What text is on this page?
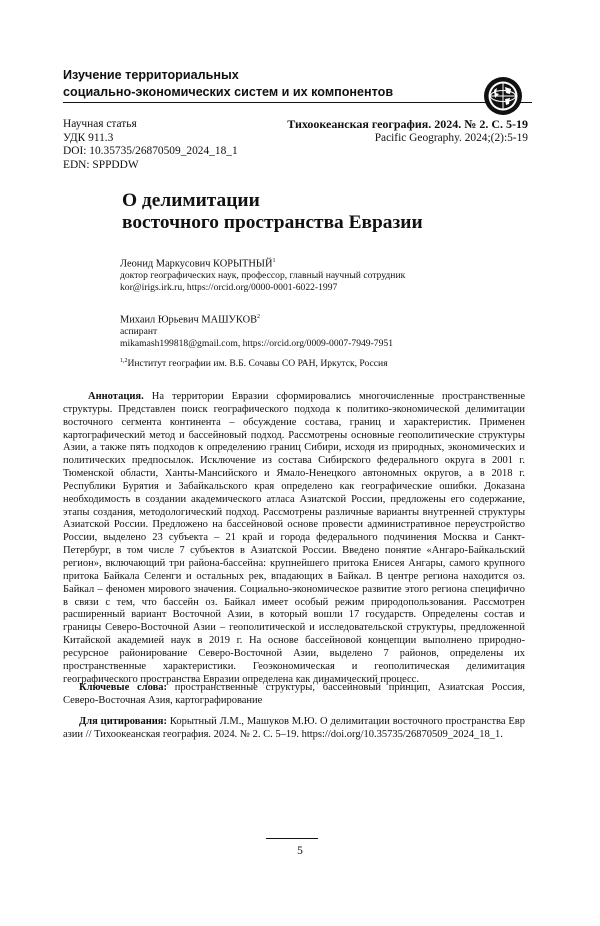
Изучение территориальных
социально-экономических систем и их компонентов
Научная статья
УДК 911.3
DOI: 10.35735/26870509_2024_18_1
EDN: SPPDDW
Тихоокеанская география. 2024. № 2. С. 5-19
Pacific Geography. 2024;(2):5-19
О делимитации
восточного пространства Евразии
Леонид Маркусович КОРЫТНЫЙ$^1$
доктор географических наук, профессор, главный научный сотрудник
kor@irigs.irk.ru, https://orcid.org/0000-0001-6022-1997
Михаил Юрьевич МАШУКОВ$^2$
аспирант
mikamash199818@gmail.com, https://orcid.org/0009-0007-7949-7951
$^{1,2}$Институт географии им. В.Б. Сочавы СО РАН, Иркутск, Россия

Аннотация. На территории Евразии сформировались многочисленные пространственные структуры. Представлен поиск географического подхода к политико-экономической делимитации восточного сегмента континента – обсуждение состава, границ и характеристик. Применен картографический метод и бассейновый подход. Рассмотрены основные геополитические структуры Азии, а также пять подходов к определению границ Сибири, исходя из природных, экономических и политических предпосылок. Исключение из состава Сибирского федерального округа в 2001 г. Тюменской области, Ханты-Мансийского и Ямало-Ненецкого автономных округов, а в 2018 г. Республики Бурятия и Забайкальского края определено как географические ошибки. Доказана необходимость в создании академического атласа Азиатской России, предложены его содержание, этапы создания, методологический подход. Рассмотрены различные варианты внутренней структуры Азиатской России. Предложено на бассейновой основе провести административное переустройство России, выделено 23 субъекта – 21 край и города федерального подчинения Москва и Санкт-Петербург, в том числе 7 субъектов в Азиатской России. Введено понятие «Ангаро-Байкальский регион», включающий три района-бассейна: крупнейшего притока Енисея Ангары, самого крупного притока Байкала Селенги и остальных рек, впадающих в Байкал. В центре региона находится оз. Байкал – феномен мирового значения. Социально-экономическое развитие этого региона специфично в связи с тем, что бассейн оз. Байкал имеет особый режим природопользования. Рассмотрен расширенный вариант Восточной Азии, в который вошли 17 государств. Определены состав и границы Северо-Восточной Азии – геополитической и исследовательской структуры, предложенной Китайской академией наук в 2019 г. На основе бассейновой концепции выполнено природно-ресурсное районирование Северо-Восточной Азии, выделено 7 районов, определены их пространственные характеристики. Геоэкономическая и геополитическая делимитация географического пространства Евразии определена как динамический процесс.

Ключевые слова: пространственные структуры, бассейновый принцип, Азиатская Россия, Северо-Восточная Азия, картографирование

Для цитирования: Корытный Л.М., Машуков М.Ю. О делимитации восточного пространства Евразии // Тихоокеанская география. 2024. № 2. С. 5–19. https://doi.org/10.35735/26870509_2024_18_1.

5
